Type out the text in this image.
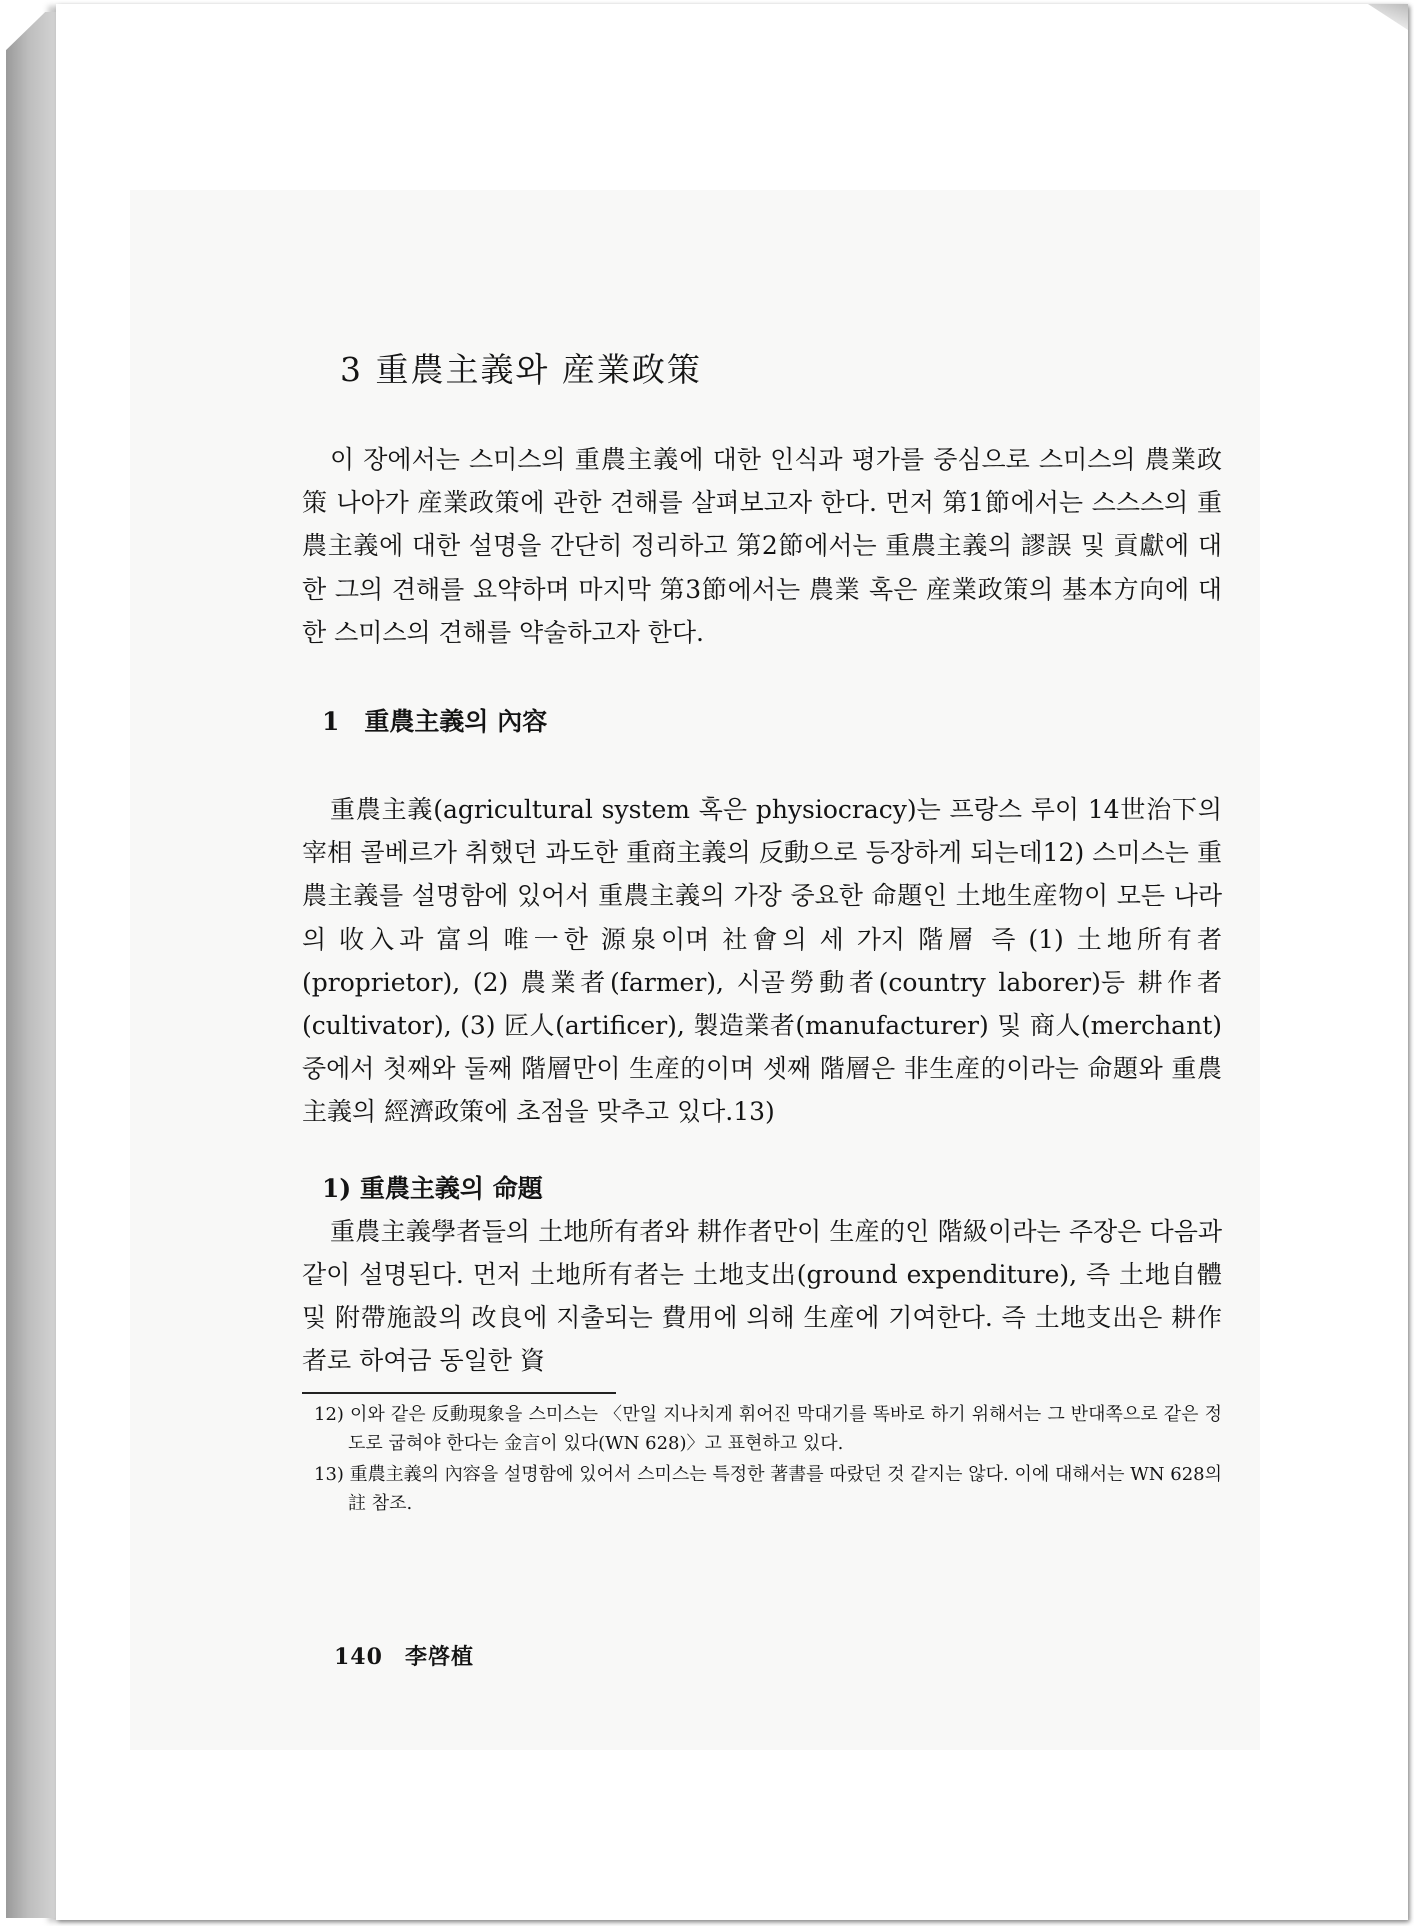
3 重農主義와 産業政策

이 장에서는 스미스의 重農主義에 대한 인식과 평가를 중심으로 스미스의 農業政策 나아가 産業政策에 관한 견해를 살펴보고자 한다. 먼저 第1節에서는 스스스의 重農主義에 대한 설명을 간단히 정리하고 第2節에서는 重農主義의 謬誤 및 貢獻에 대한 그의 견해를 요약하며 마지막 第3節에서는 農業 혹은 産業政策의 基本方向에 대한 스미스의 견해를 약술하고자 한다.

1　重農主義의 內容

重農主義(agricultural system 혹은 physiocracy)는 프랑스 루이 14世治下의 宰相 콜베르가 취했던 과도한 重商主義의 反動으로 등장하게 되는데12) 스미스는 重農主義를 설명함에 있어서 重農主義의 가장 중요한 命題인 土地生産物이 모든 나라의 收入과 富의 唯一한 源泉이며 社會의 세 가지 階層 즉 (1) 土地所有者(proprietor), (2) 農業者(farmer), 시골勞動者(country laborer)등 耕作者(cultivator), (3) 匠人(artificer), 製造業者(manufacturer) 및 商人(merchant) 중에서 첫째와 둘째 階層만이 生産的이며 셋째 階層은 非生産的이라는 命題와 重農主義의 經濟政策에 초점을 맞추고 있다.13)

1) 重農主義의 命題

重農主義學者들의 土地所有者와 耕作者만이 生産的인 階級이라는 주장은 다음과 같이 설명된다. 먼저 土地所有者는 土地支出(ground expenditure), 즉 土地自體 및 附帶施設의 改良에 지출되는 費用에 의해 生産에 기여한다. 즉 土地支出은 耕作者로 하여금 동일한 資

12) 이와 같은 反動現象을 스미스는 〈만일 지나치게 휘어진 막대기를 똑바로 하기 위해서는 그 반대쪽으로 같은 정도로 굽혀야 한다는 金言이 있다(WN 628)〉고 표현하고 있다.

13) 重農主義의 內容을 설명함에 있어서 스미스는 특정한 著書를 따랐던 것 같지는 않다. 이에 대해서는 WN 628의 註 참조.

140 李啓植
